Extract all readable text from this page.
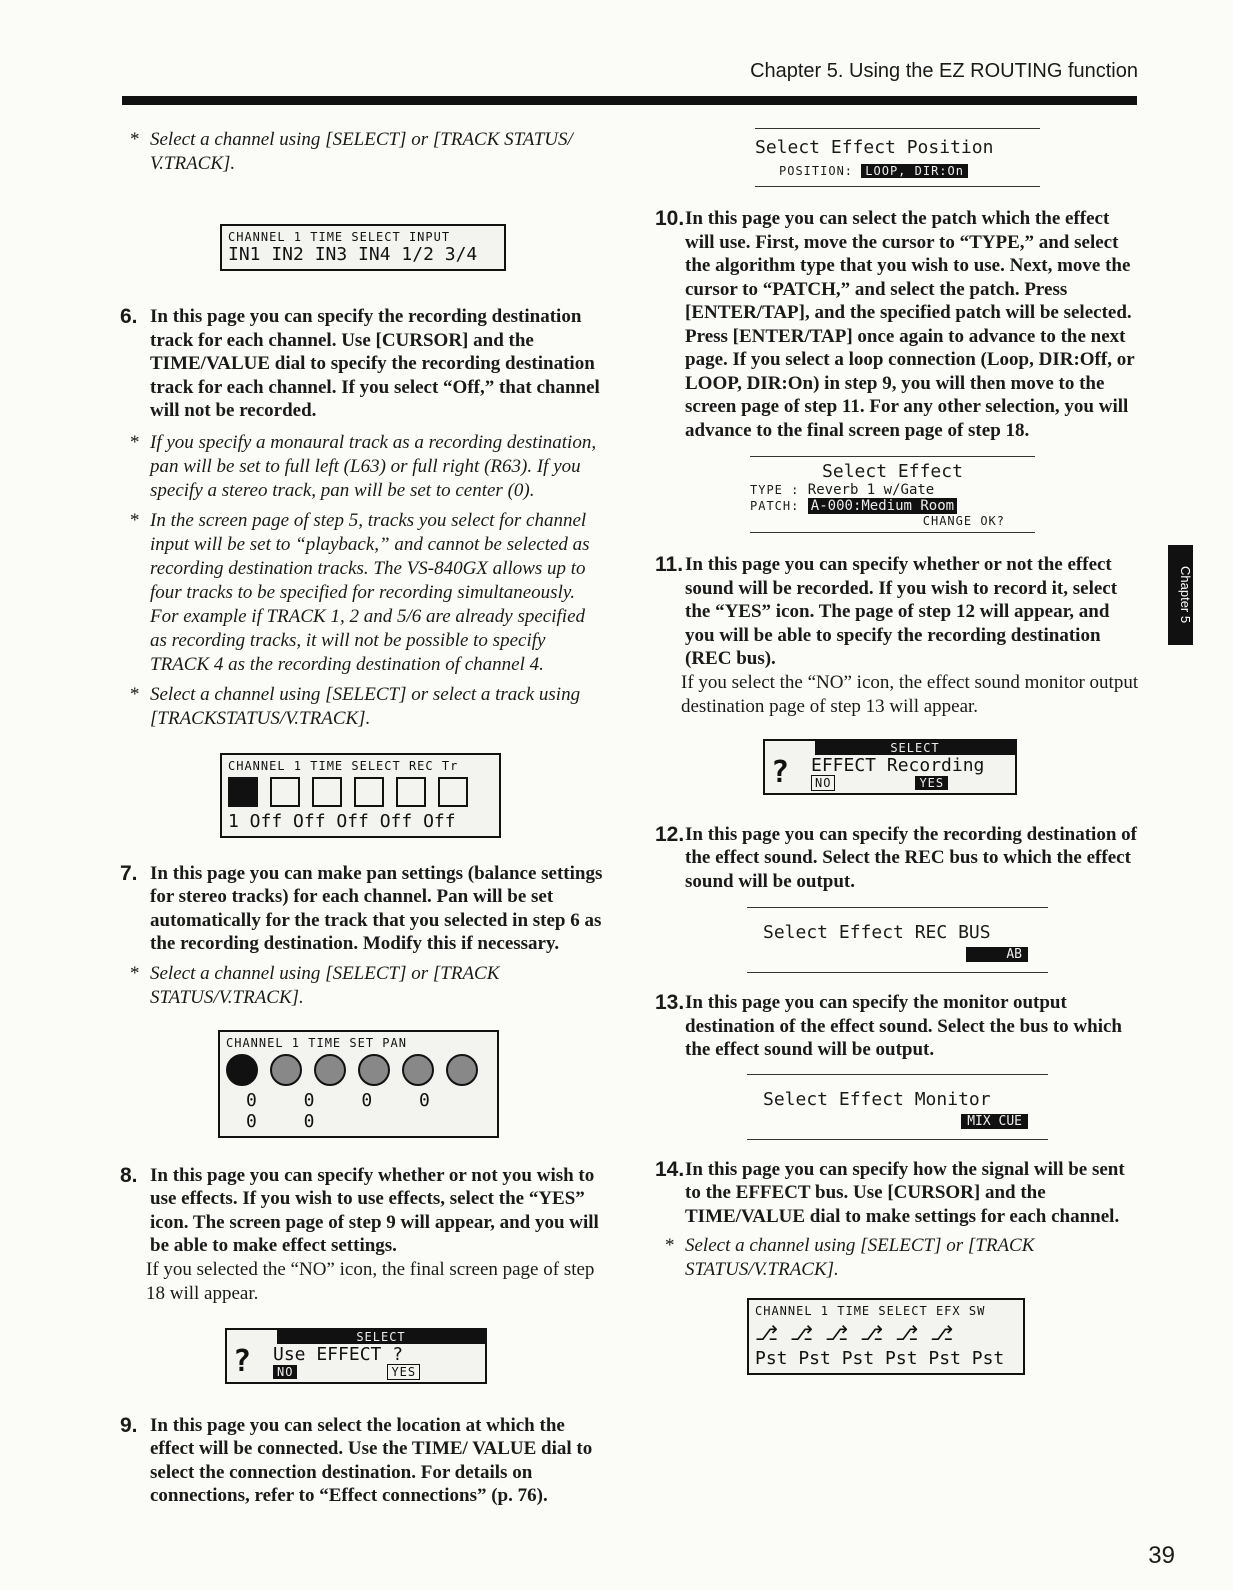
Chapter 5. Using the EZ ROUTING function

* Select a channel using [SELECT] or [TRACK STATUS/ V.TRACK].

CHANNEL 1 TIME SELECT INPUT
IN1 IN2 IN3 IN4 1/2 3/4

6. In this page you can specify the recording destination track for each channel. Use [CURSOR] and the TIME/VALUE dial to specify the recording destination track for each channel. If you select “Off,” that channel will not be recorded.

* If you specify a monaural track as a recording destination, pan will be set to full left (L63) or full right (R63). If you specify a stereo track, pan will be set to center (0).

* In the screen page of step 5, tracks you select for channel input will be set to “playback,” and cannot be selected as recording destination tracks. The VS-840GX allows up to four tracks to be specified for recording simultaneously. For example if TRACK 1, 2 and 5/6 are already specified as recording tracks, it will not be possible to specify TRACK 4 as the recording destination of channel 4.

* Select a channel using [SELECT] or select a track using [TRACKSTATUS/V.TRACK].

CHANNEL 1 TIME SELECT REC Tr
1 Off Off Off Off Off

7. In this page you can make pan settings (balance settings for stereo tracks) for each channel. Pan will be set automatically for the track that you selected in step 6 as the recording destination. Modify this if necessary.

* Select a channel using [SELECT] or [TRACK STATUS/V.TRACK].

CHANNEL 1 TIME SET PAN
0 0 0 0 0 0

8. In this page you can specify whether or not you wish to use effects. If you wish to use effects, select the “YES” icon. The screen page of step 9 will appear, and you will be able to make effect settings.

If you selected the “NO” icon, the final screen page of step 18 will appear.

SELECT
?	Use EFFECT ?
NO	YES

9. In this page you can select the location at which the effect will be connected. Use the TIME/ VALUE dial to select the connection destination. For details on connections, refer to “Effect connections” (p. 76).

Select Effect Position
POSITION: LOOP, DIR:On

10. In this page you can select the patch which the effect will use. First, move the cursor to “TYPE,” and select the algorithm type that you wish to use. Next, move the cursor to “PATCH,” and select the patch. Press [ENTER/TAP], and the specified patch will be selected. Press [ENTER/TAP] once again to advance to the next page. If you select a loop connection (Loop, DIR:Off, or LOOP, DIR:On) in step 9, you will then move to the screen page of step 11. For any other selection, you will advance to the final screen page of step 18.

Select Effect
TYPE : Reverb 1 w/Gate
PATCH: A-000:Medium Room
CHANGE OK?

11. In this page you can specify whether or not the effect sound will be recorded. If you wish to record it, select the “YES” icon. The page of step 12 will appear, and you will be able to specify the recording destination (REC bus).

If you select the “NO” icon, the effect sound monitor output destination page of step 13 will appear.

SELECT
?	EFFECT Recording
NO	YES

12. In this page you can specify the recording destination of the effect sound. Select the REC bus to which the effect sound will be output.

Select Effect REC BUS
AB

13. In this page you can specify the monitor output destination of the effect sound. Select the bus to which the effect sound will be output.

Select Effect Monitor
MIX CUE

14. In this page you can specify how the signal will be sent to the EFFECT bus. Use [CURSOR] and the TIME/VALUE dial to make settings for each channel.

* Select a channel using [SELECT] or [TRACK STATUS/V.TRACK].

CHANNEL 1 TIME SELECT EFX SW
⎇ ⎇ ⎇ ⎇ ⎇ ⎇
Pst Pst Pst Pst Pst Pst
Chapter 5
39
